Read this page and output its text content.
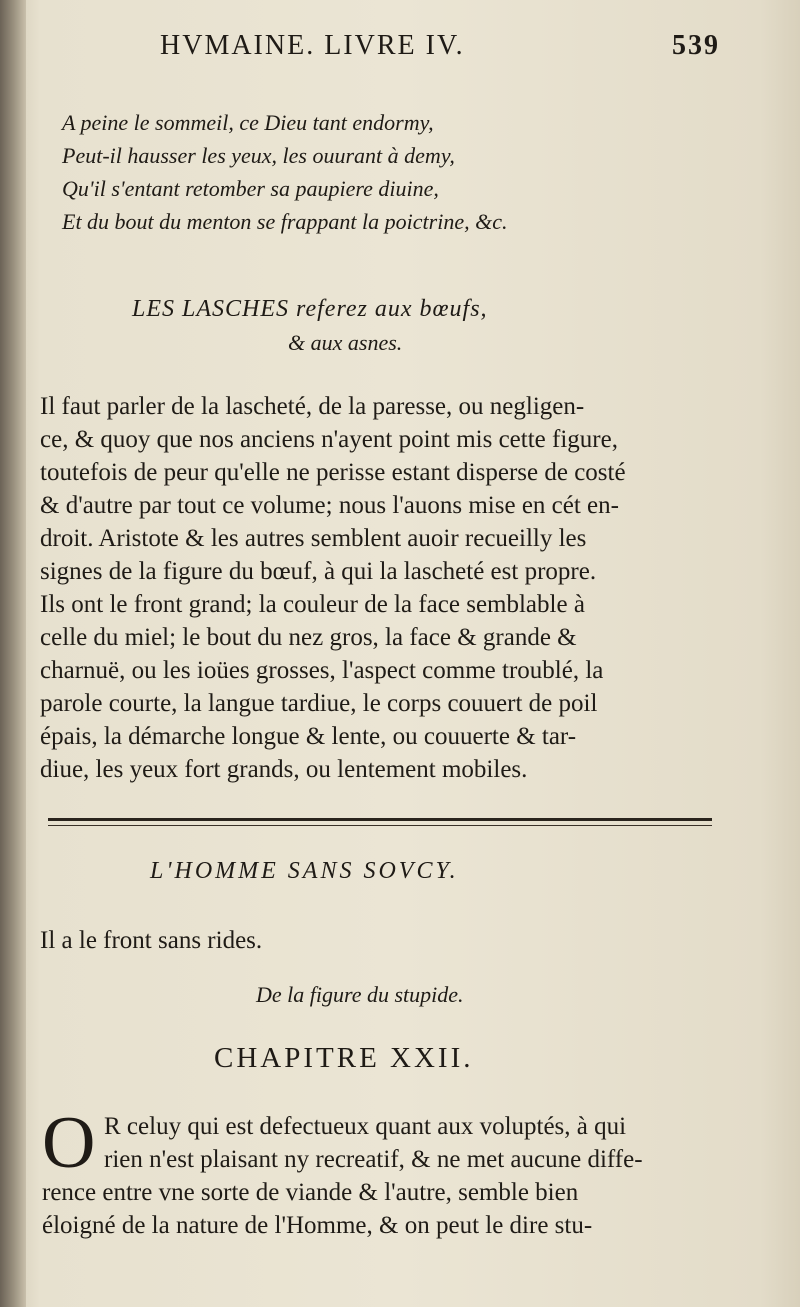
HVMAINE. LIVRE IV.	539
A peine le sommeil, ce Dieu tant endormy,
Peut-il hausser les yeux, les ouurant à demy,
Qu'il s'entant retomber sa paupiere diuine,
Et du bout du menton se frappant la poictrine, &c.
LES LASCHES referez aux bœufs,
& aux asnes.
Il faut parler de la lascheté, de la paresse, ou negligen-
ce, & quoy que nos anciens n'ayent point mis cette figure,
toutefois de peur qu'elle ne perisse estant disperse de costé
& d'autre par tout ce volume; nous l'auons mise en cét en-
droit. Aristote & les autres semblent auoir recueilly les
signes de la figure du bœuf, à qui la lascheté est propre.
Ils ont le front grand; la couleur de la face semblable à
celle du miel; le bout du nez gros, la face & grande &
charnuë, ou les ioües grosses, l'aspect comme troublé, la
parole courte, la langue tardiue, le corps couuert de poil
épais, la démarche longue & lente, ou couuerte & tar-
diue, les yeux fort grands, ou lentement mobiles.
L'HOMME SANS SOVCY.
Il a le front sans rides.
De la figure du stupide.
CHAPITRE XXII.
O R celuy qui est defectueux quant aux voluptés, à qui
rien n'est plaisant ny recreatif, & ne met aucune diffe-
rence entre vne sorte de viande & l'autre, semble bien
éloigné de la nature de l'Homme, & on peut le dire stu-
